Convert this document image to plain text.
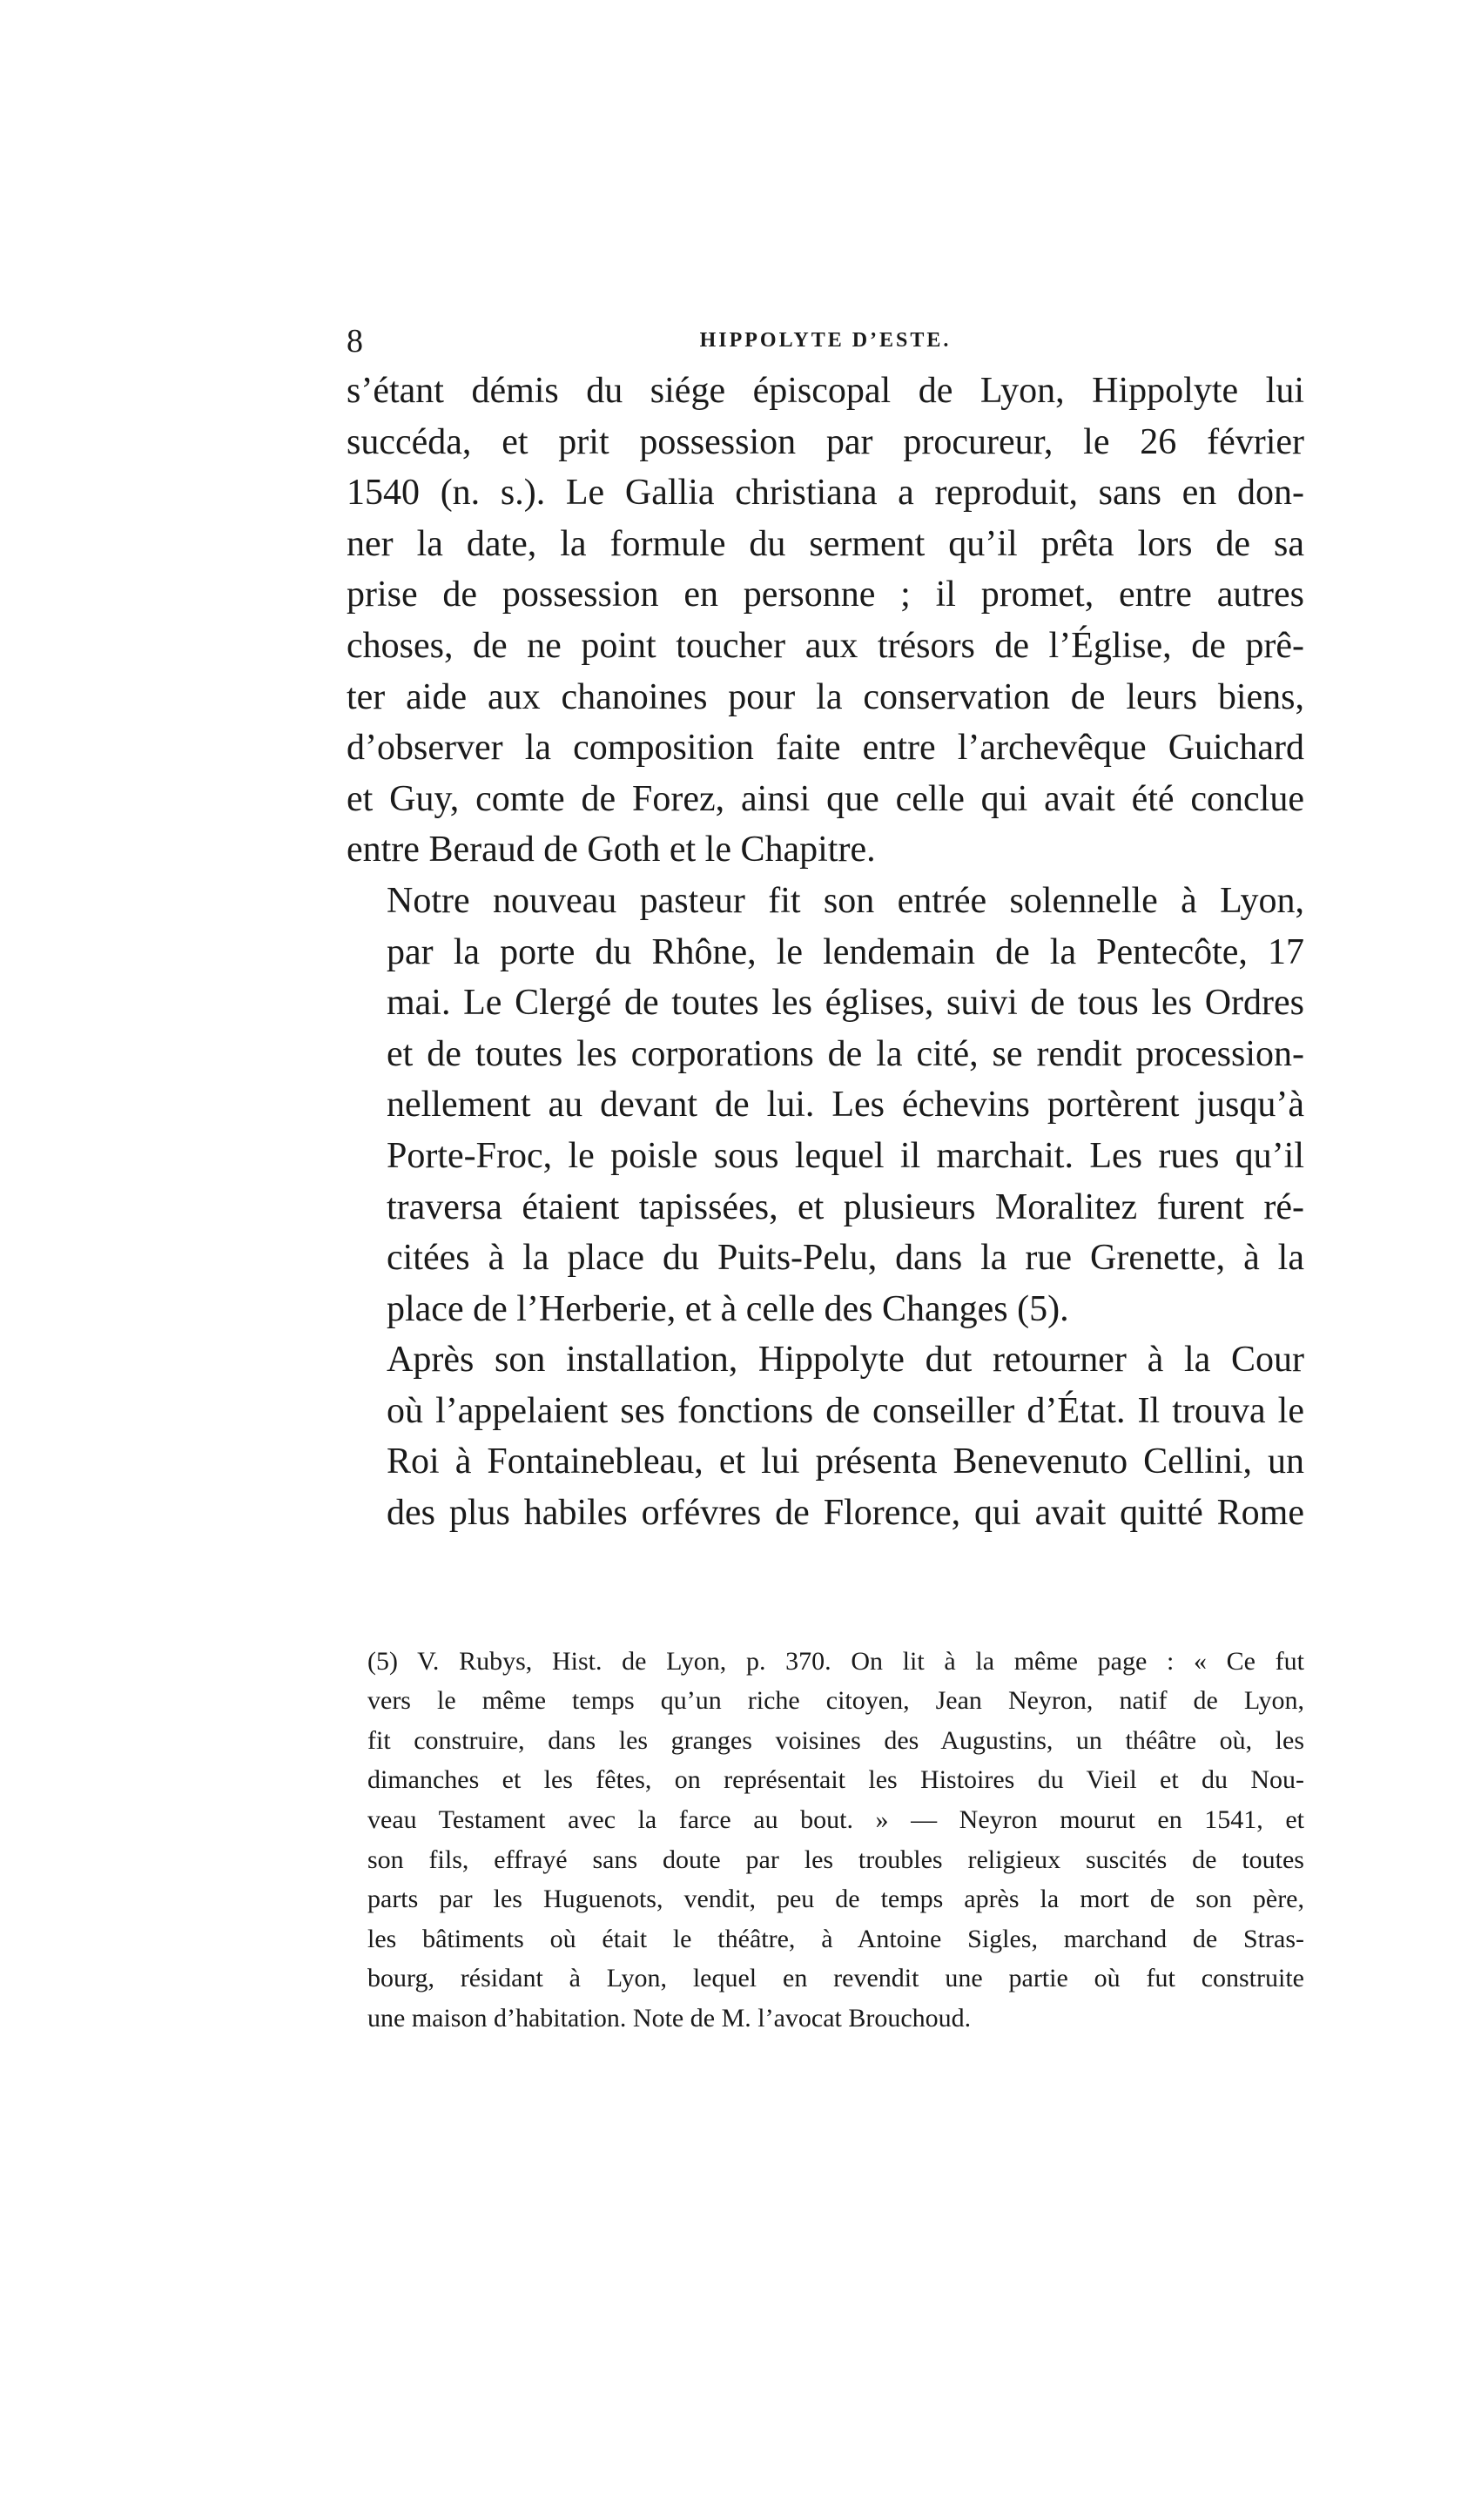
8	HIPPOLYTE D’ESTE.

s’étant démis du siége épiscopal de Lyon, Hippolyte lui
succéda, et prit possession par procureur, le 26 février
1540 (n. s.). Le Gallia christiana a reproduit, sans en don-
ner la date, la formule du serment qu’il prêta lors de sa
prise de possession en personne ; il promet, entre autres
choses, de ne point toucher aux trésors de l’Église, de prê-
ter aide aux chanoines pour la conservation de leurs biens,
d’observer la composition faite entre l’archevêque Guichard
et Guy, comte de Forez, ainsi que celle qui avait été conclue
entre Beraud de Goth et le Chapitre.

Notre nouveau pasteur fit son entrée solennelle à Lyon,
par la porte du Rhône, le lendemain de la Pentecôte, 17
mai. Le Clergé de toutes les églises, suivi de tous les Ordres
et de toutes les corporations de la cité, se rendit procession-
nellement au devant de lui. Les échevins portèrent jusqu’à
Porte-Froc, le poisle sous lequel il marchait. Les rues qu’il
traversa étaient tapissées, et plusieurs Moralitez furent ré-
citées à la place du Puits-Pelu, dans la rue Grenette, à la
place de l’Herberie, et à celle des Changes (5).

Après son installation, Hippolyte dut retourner à la Cour
où l’appelaient ses fonctions de conseiller d’État. Il trouva le
Roi à Fontainebleau, et lui présenta Benevenuto Cellini, un
des plus habiles orfévres de Florence, qui avait quitté Rome

(5) V. Rubys, Hist. de Lyon, p. 370. On lit à la même page : « Ce fut
vers le même temps qu’un riche citoyen, Jean Neyron, natif de Lyon,
fit construire, dans les granges voisines des Augustins, un théâtre où, les
dimanches et les fêtes, on représentait les Histoires du Vieil et du Nou-
veau Testament avec la farce au bout. » — Neyron mourut en 1541, et
son fils, effrayé sans doute par les troubles religieux suscités de toutes
parts par les Huguenots, vendit, peu de temps après la mort de son père,
les bâtiments où était le théâtre, à Antoine Sigles, marchand de Stras-
bourg, résidant à Lyon, lequel en revendit une partie où fut construite
une maison d’habitation. Note de M. l’avocat Brouchoud.
